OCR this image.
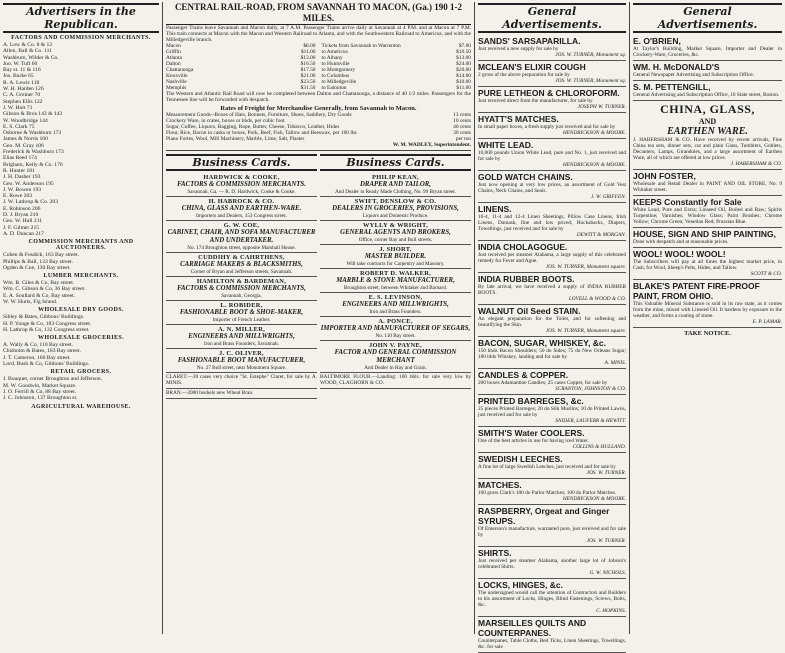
Advertisers in the Republican.
FACTORS AND COMMISSION MERCHANTS.
A. Low & Co. 8 & 12
Allen, Ball & Co. 111
Washburn, Wilder & Co.
Jno. W. Tuft 60
Bay st. 11 & 116
Jos. Burke 65
R. A. Lewis 118
W. H. Harden 126
C. A. Greiner 70
Stephen Ellis 122
J. W. Holt 71
Gibson & Bros 143 & 143
W. Woodbridge 144
E. S. Clark 75
Osborne & Washburn 173
James & Norris 160
Geo. M. Gray 106
Frederick & Washburn 173
Elias Reed 174
Brigham, Kelly & Co. 176
R. Hunter 181
J. H. Dasher 193
Geo. W. Anderson 195
J. W. Bowen 193
E. Rowe 203
J. W. Lathrop & Co. 203
E. Robinson 206
D. J. Bryan 210
Geo. W. Hull 211
J. F. Gilmer 215
A. D. Duncan 217
COMMISSION MERCHANTS AND AUCTIONEERS.
Cohen & Fosdick, 163 Bay street.
Phillips & Ball, 133 Bay street.
Ogden & Coe, 130 Bay street.
LUMBER MERCHANTS.
Wm. B. Giles & Co, Bay street.
Wm. C. Gibson & Co, 36 Bay street.
E. A. Soullard & Co, Bay street.
W. W. Hurts, Fig Island.
WHOLESALE DRY GOODS.
Sibley & Bates, Gibbons' Buildings.
H. P. Yonge & Co, 183 Congress street.
H. Lathrop & Co, 132 Congress street.
WHOLESALE GROCERIES.
A. Wally & Co, 110 Bay street.
Chisholm & Bates, 183 Bay street.
J. T. Cameron, 160 Bay street.
Lord, Bush & Co, Gibbons' Buildings.
RETAIL GROCERS.
J. Bouquet, corner Broughton and Jefferson.
M. W. Goodwin, Market Square.
J. O. Ferrill & Co, 88 Bay street.
J. C. Johnston, 137 Broughton st.
AGRICULTURAL WAREHOUSE.
CENTRAL RAIL-ROAD, FROM SAVANNAH TO MACON, (Ga.) 190 1-2 MILES.
Passenger Trains leave Savannah and Macon daily, at 7 A.M. Passenger Trains arrive daily at Savannah at 4 P.M. and at Macon at 7 P.M. This train connects at Macon with the Macon and Western Railroad to Atlanta, and with the Southwestern Railroad to Americus, and with the Milledgeville branch.
Macon	$8.00
Griffin	$11.00
Atlanta	$13.00
Dalton	$16.50
Chattanooga	$17.50
Knoxville	$21.00
Nashville	$23.50
Memphis	$31.50
Tickets from Savannah to Warrenton	$7.00
to Americus	$10.50
to Albany	$13.00
to Huntsville	$24.00
to Montgomery	$20.00
to Columbus	$14.00
to Milledgeville	$10.00
to Eatonton	$11.00
The Western and Atlantic Rail Road will now be completed between Dalton and Chattanooga, a distance of 40 1/2 miles. Passengers for the Tennessee line will be forwarded with despatch.
Rates of Freight for Merchandise Generally, from Savannah to Macon.
Measurement Goods--Boxes of Hats, Bonnets, Furniture, Shoes, Saddlery, Dry Goods	13 cents
Crockery Ware, in crates, boxes or hhds, per cubic foot	10 cents
Sugar, Coffee, Liquors, Bagging, Rope, Butter, Cheese, Tobacco, Leather, Hides	40 cents
Flour, Rice, Bacon in casks or boxes, Pork, Beef, Fish, Tallow and Beeswax, per 100 lbs	30 cents
Piano Fortes, Wool, Mill Machinery, Marble, Lime, Salt, Plaster	per ton
W. M. WADLEY, Superintendent.
Business Cards.
HARDWICK & COOKE,
FACTORS & COMMISSION MERCHANTS.
Savannah, Ga. — R. D. Hardwick, Cooke & Cooke.
H. HABROCK & CO.
CHINA, GLASS AND EARTHEN-WARE.
Importers and Dealers, 153 Congress street.
G. W. COE,
CABINET, CHAIR, AND SOFA MANUFACTURER AND UNDERTAKER.
No. 174 Broughton street, opposite Marshall House.
CUDDIHY & CAHRTHENS,
CARRIAGE MAKERS & BLACKSMITHS,
Corner of Bryan and Jefferson streets, Savannah.
HAMILTON & BARDEMAN,
FACTORS & COMMISSION MERCHANTS,
Savannah, Georgia.
L. ROBIDER,
FASHIONABLE BOOT & SHOE-MAKER,
Importer of French Leather.
A. N. MILLER,
ENGINEERS AND MILLWRIGHTS,
Iron and Brass Founders, Savannah.
J. C. OLIVER,
FASHIONABLE BOOT MANUFACTURER,
No. 27 Bull street, near Monument Square.
CLARET.—20 cases very choice "St. Estephe" Claret, for sale by A. MINIS.
BRAN.—2000 bushels new Wheat Bran.
Business Cards.
PHILIP KEAN,
DRAPER AND TAILOR,
And Dealer in Ready Made Clothing, No. 99 Bryan street.
SWIFT, DENSLOW & CO.
DEALERS IN GROCERIES, PROVISIONS,
Liquors and Domestic Produce.
WYLLY & WRIGHT,
GENERAL AGENTS AND BROKERS,
Office, corner Bay and Bull streets.
J. SHORT,
MASTER BUILDER.
Will take contracts for Carpentry and Masonry.
ROBERT D. WALKER,
MARBLE & STONE MANUFACTURER,
Broughton street, between Whitaker and Barnard.
E. S. LEVINSON,
ENGINEERS AND MILLWRIGHTS,
Iron and Brass Founders.
A. PONCE,
IMPORTER AND MANUFACTURER OF SEGARS,
No. 110 Bay street.
JOHN V. PAYNE,
FACTOR AND GENERAL COMMISSION MERCHANT
And Dealer in Hay and Grain.
BALTIMORE FLOUR.—Landing: 100 bbls. for sale very low by WOOD, CLAGHORN & CO.
General Advertisements.
SANDS' SARSAPARILLA.
Just received a new supply for sale by
JOS. W. TURNER, Monument sq.
MCLEAN'S ELIXIR COUGH
2 gross of the above preparation for sale by
JOS. W. TURNER, Monument sq.
PURE LETHEON & CHLOROFORM.
Just received direct from the manufacturer, for sale by
JOSEPH W. TURNER.
HYATT'S MATCHES.
In small paper boxes, a fresh supply just received and for sale by
HENDRICKSON & MOORE.
WHITE LEAD.
10,000 pounds Union White Lead, pure and No. 1, just received and for sale by
HENDRICKSON & MOORE.
GOLD WATCH CHAINS.
Just now opening at very low prices, an assortment of Gold Vest Chains, Neck Chains, and Seals.
J. W. GRIFFEN.
LINENS.
10-4, 11-4 and 12-4 Linen Sheetings, Pillow Case Linens, Irish Linens, Damask, fine and low priced; Huckabacks, Diapers, Towellings, just received and for sale by
DEWITT & MORGAN.
INDIA CHOLAGOGUE.
Just received per steamer Alabama, a large supply of this celebrated remedy for Fever and Ague.
JOS. W. TURNER, Monument square.
INDIA RUBBER BOOTS.
By late arrival, we have received a supply of INDIA RUBBER BOOTS.
LOVELL & WOOD & CO.
WALNUT Oil Seed STAIN.
An elegant preparation for the Toilet, and for softening and beautifying the Skin.
JOS. W. TURNER, Monument square.
BACON, SUGAR, WHISKEY, &c.
150 hhds Bacon Shoulders; 50 do Sides; 75 do New Orleans Sugar; 100 bbls Whiskey, landing and for sale by
A. MINIS.
CANDLES & COPPER.
200 boxes Adamantine Candles; 25 cases Copper, for sale by
SCRANTON, JOHNSTON & CO.
PRINTED BARREGES, &c.
25 pieces Printed Barreges; 20 do Silk Muslins; 10 do Printed Lawns, just received and for sale by
SNIDER, LAUFERR & HEWITT.
SMITH'S Water COOLERS.
One of the best articles in use for having iced Water.
COLLINS & HULLAND.
SWEDISH LEECHES.
A fine lot of large Swedish Leeches, just received and for sale by
JOS. W. TURNER.
MATCHES.
100 gross Clark's 100 do Parlor Matches; 100 do Parlor Matches.
HENDRICKSON & MOORE.
RASPBERRY, Orgeat and Ginger SYRUPS.
Of Emerson's manufacture, warranted pure, just received and for sale by
JOS. W. TURNER.
SHIRTS.
Just received per steamer Alabama, another large lot of Jobson's celebrated Shirts.
G. W. NICHOLS.
LOCKS, HINGES, &c.
The undersigned would call the attention of Contractors and Builders to his assortment of Locks, Hinges, Blind Fastenings, Screws, Bolts, &c.
C. HOPKINS.
MARSEILLES QUILTS AND COUNTERPANES.
Counterpanes, Table Cloths, Bed Ticks, Linen Sheetings, Towellings, &c. for sale
General Advertisements.
E. O'BRIEN,
At Taylor's Building, Market Square, Importer and Dealer in Crockery-Ware, Groceries, &c.
WM. H. McDONALD'S
General Newspaper Advertising and Subscription Office.
S. M. PETTENGILL,
General Advertising and Subscription Office, 10 State street, Boston.
CHINA, GLASS,
AND
EARTHEN WARE.
J. HABERSHAM & CO. Have received by recent arrivals, Fine China tea sets, dinner sets, cut and plain Glass, Tumblers, Goblets, Decanters, Lamps, Girandoles, and a large assortment of Earthen Ware, all of which are offered at low prices.
J. HABERSHAM & CO.
JOHN FOSTER,
Wholesale and Retail Dealer in PAINT AND OIL STORE, No. 9 Whitaker street.
KEEPS Constantly for Sale
White Lead, Pure and Extra; Linseed Oil, Boiled and Raw; Spirits Turpentine; Varnishes; Window Glass; Paint Brushes; Chrome Yellow; Chrome Green; Venetian Red; Prussian Blue.
HOUSE, SIGN AND SHIP PAINTING,
Done with despatch and at reasonable prices.
WOOL! WOOL! WOOL!
The Subscribers will pay at all times the highest market price, in Cash, for Wool, Sheep's Pelts, Hides, and Tallow.
SCOTT & CO.
BLAKE'S PATENT FIRE-PROOF PAINT, FROM OHIO.
This Valuable Mineral Substance is sold in its raw state, as it comes from the mine, mixed with Linseed Oil. It hardens by exposure to the weather, and forms a coating of stone.
E. P. LAMAR.
TAKE NOTICE.
